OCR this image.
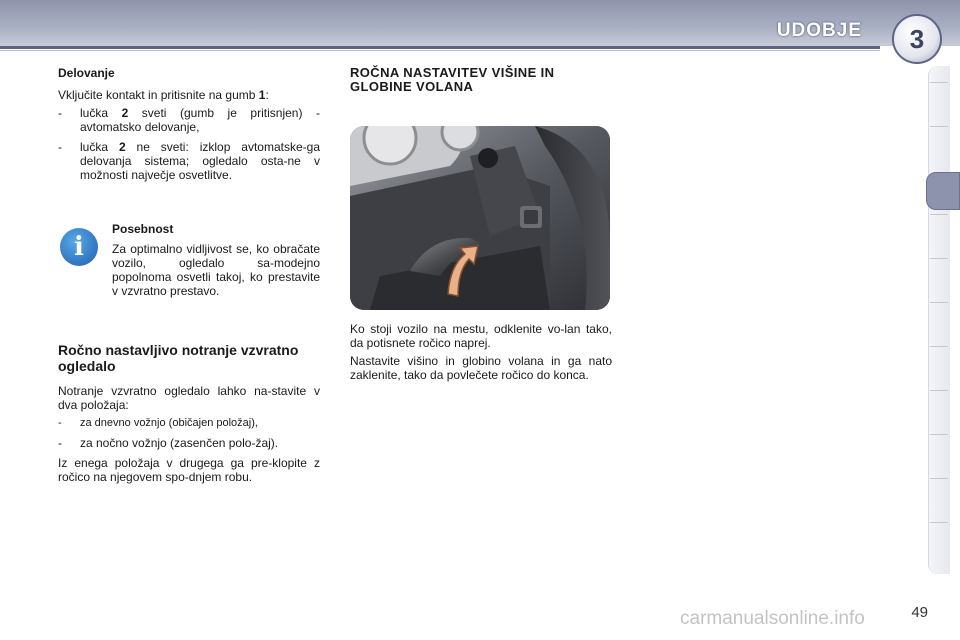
UDOBJE 3
Delovanje
Vključite kontakt in pritisnite na gumb 1:
-	lučka 2 sveti (gumb je pritisnjen) - avtomatsko delovanje,
-	lučka 2 ne sveti: izklop avtomatske-ga delovanja sistema; ogledalo osta-ne v možnosti največje osvetlitve.
i
Posebnost
Za optimalno vidljivost se, ko obračate vozilo, ogledalo sa-modejno popolnoma osvetli takoj, ko prestavite v vzvratno prestavo.
Ročno nastavljivo notranje vzvratno ogledalo
Notranje vzvratno ogledalo lahko na-stavite v dva položaja:
-	za dnevno vožnjo (običajen položaj),
-	za nočno vožnjo (zasenčen polo-žaj).
Iz enega položaja v drugega ga pre-klopite z ročico na njegovem spo-dnjem robu.
ROČNA NASTAVITEV VIŠINE IN GLOBINE VOLANA
Ko stoji vozilo na mestu, odklenite vo-lan tako, da potisnete ročico naprej.
Nastavite višino in globino volana in ga nato zaklenite, tako da povlečete ročico do konca.
carmanualsonline.info	49
